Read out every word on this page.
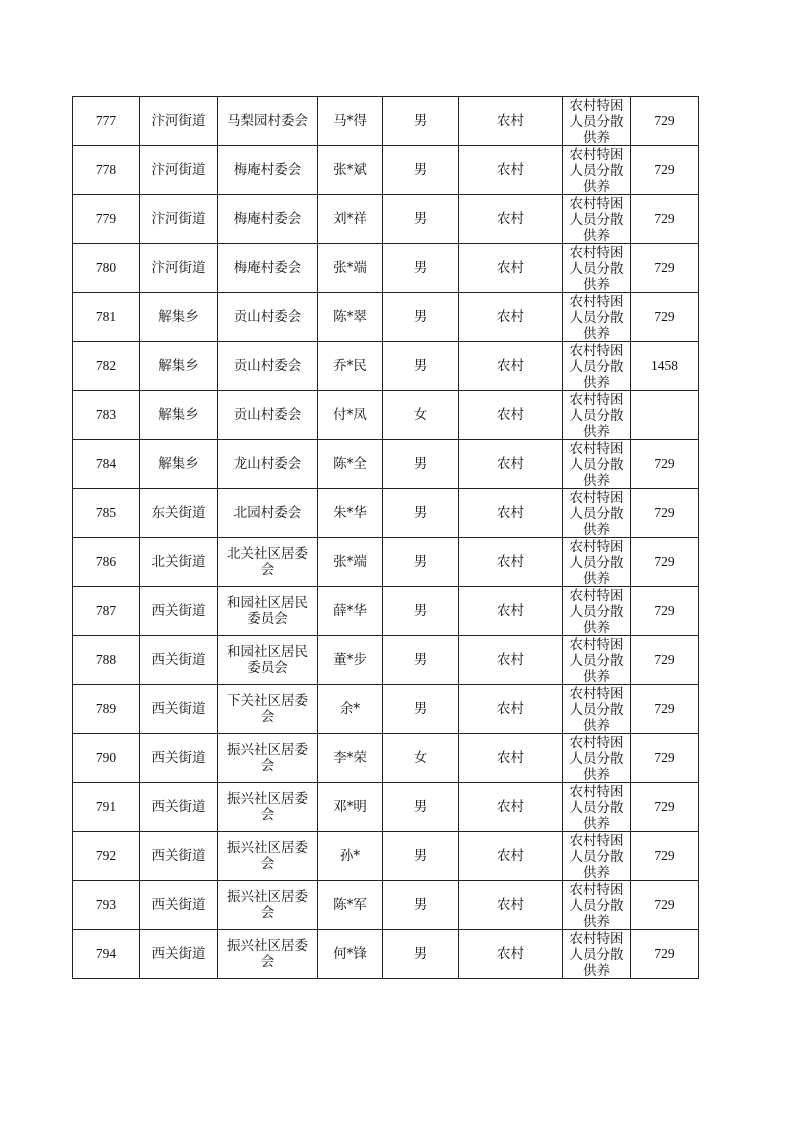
777	汴河街道	马梨园村委会	马*得	男	农村	农村特困人员分散供养	729
778	汴河街道	梅庵村委会	张*斌	男	农村	农村特困人员分散供养	729
779	汴河街道	梅庵村委会	刘*祥	男	农村	农村特困人员分散供养	729
780	汴河街道	梅庵村委会	张*端	男	农村	农村特困人员分散供养	729
781	解集乡	贡山村委会	陈*翠	男	农村	农村特困人员分散供养	729
782	解集乡	贡山村委会	乔*民	男	农村	农村特困人员分散供养	1458
783	解集乡	贡山村委会	付*凤	女	农村	农村特困人员分散供养	

784	解集乡	龙山村委会	陈*全	男	农村	农村特困人员分散供养	729
785	东关街道	北园村委会	朱*华	男	农村	农村特困人员分散供养	729
786	北关街道	北关社区居委会	张*端	男	农村	农村特困人员分散供养	729
787	西关街道	和园社区居民委员会	薛*华	男	农村	农村特困人员分散供养	729
788	西关街道	和园社区居民委员会	董*步	男	农村	农村特困人员分散供养	729
789	西关街道	下关社区居委会	余*	男	农村	农村特困人员分散供养	729
790	西关街道	振兴社区居委会	李*荣	女	农村	农村特困人员分散供养	729
791	西关街道	振兴社区居委会	邓*明	男	农村	农村特困人员分散供养	729
792	西关街道	振兴社区居委会	孙*	男	农村	农村特困人员分散供养	729
793	西关街道	振兴社区居委会	陈*军	男	农村	农村特困人员分散供养	729
794	西关街道	振兴社区居委会	何*锋	男	农村	农村特困人员分散供养	729
